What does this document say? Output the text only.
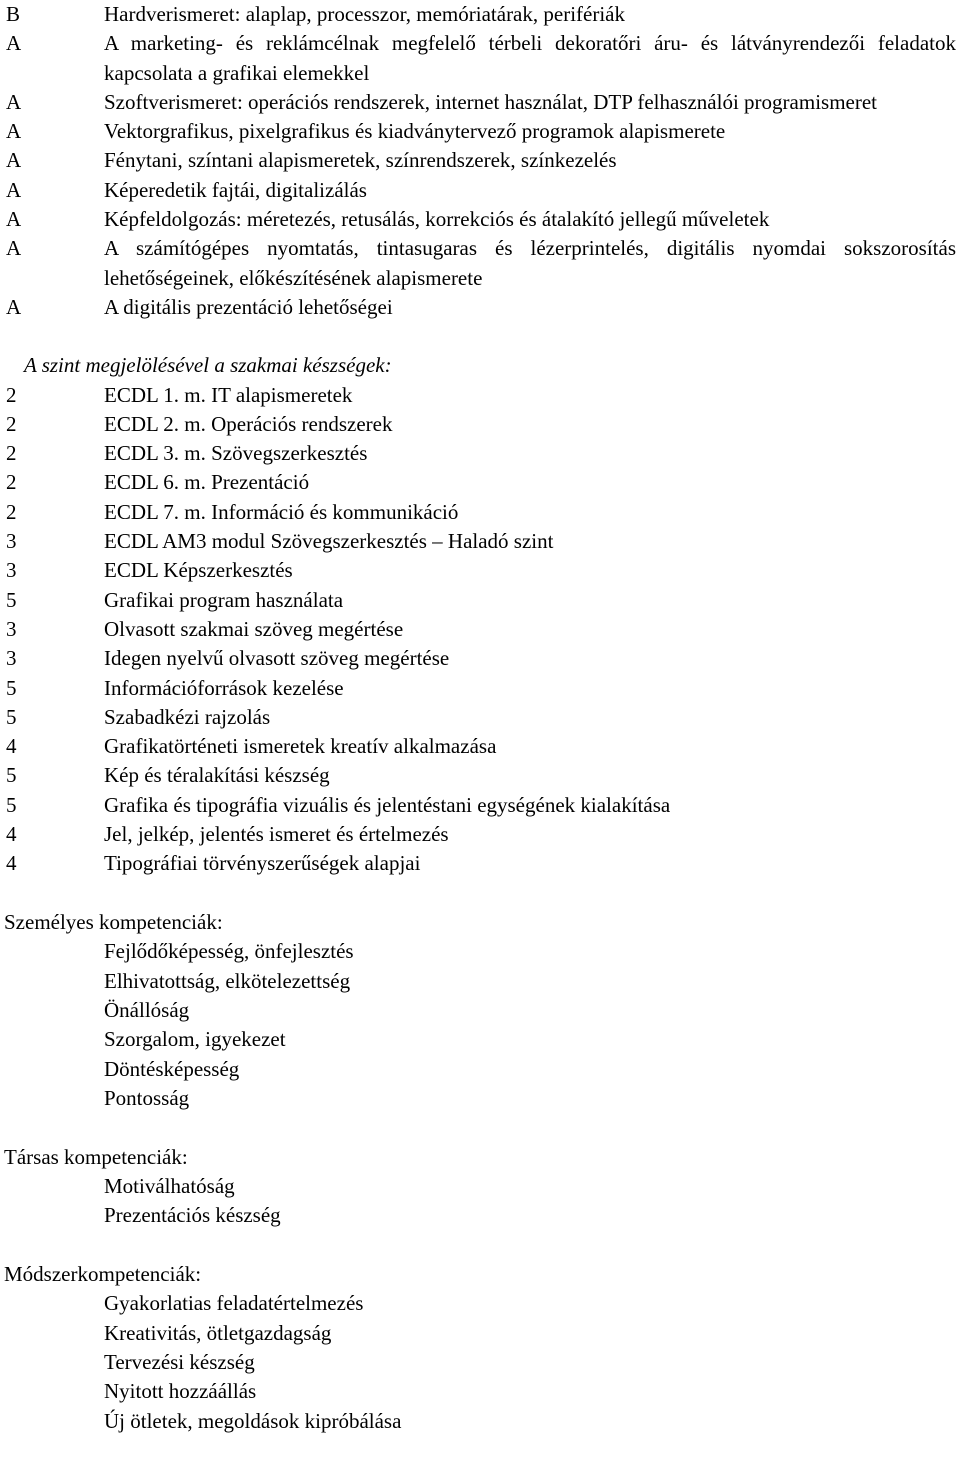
B	Hardverismeret: alaplap, processzor, memóriatárak, perifériák
A	A marketing- és reklámcélnak megfelelő térbeli dekoratőri áru- és látványrendezői feladatok kapcsolata a grafikai elemekkel
A	Szoftverismeret: operációs rendszerek, internet használat, DTP felhasználói programismeret
A	Vektorgrafikus, pixelgrafikus és kiadványtervező programok alapismerete
A	Fénytani, színtani alapismeretek, színrendszerek, színkezelés
A	Képeredetik fajtái, digitalizálás
A	Képfeldolgozás: méretezés, retusálás, korrekciós és átalakító jellegű műveletek
A	A számítógépes nyomtatás, tintasugaras és lézerprintelés, digitális nyomdai sokszorosítás lehetőségeinek, előkészítésének alapismerete
A	A digitális prezentáció lehetőségei
A szint megjelölésével a szakmai készségek:
2	ECDL 1. m. IT alapismeretek
2	ECDL 2. m. Operációs rendszerek
2	ECDL 3. m. Szövegszerkesztés
2	ECDL 6. m. Prezentáció
2	ECDL 7. m. Információ és kommunikáció
3	ECDL AM3 modul Szövegszerkesztés – Haladó szint
3	ECDL Képszerkesztés
5	Grafikai program használata
3	Olvasott szakmai szöveg megértése
3	Idegen nyelvű olvasott szöveg megértése
5	Információforrások kezelése
5	Szabadkézi rajzolás
4	Grafikatörténeti ismeretek kreatív alkalmazása
5	Kép és téralakítási készség
5	Grafika és tipográfia vizuális és jelentéstani egységének kialakítása
4	Jel, jelkép, jelentés ismeret és értelmezés
4	Tipográfiai törvényszerűségek alapjai
Személyes kompetenciák:
Fejlődőképesség, önfejlesztés
Elhivatottság, elkötelezettség
Önállóság
Szorgalom, igyekezet
Döntésképesség
Pontosság
Társas kompetenciák:
Motiválhatóság
Prezentációs készség
Módszerkompetenciák:
Gyakorlatias feladatértelmezés
Kreativitás, ötletgazdagság
Tervezési készség
Nyitott hozzáállás
Új ötletek, megoldások kipróbálása
